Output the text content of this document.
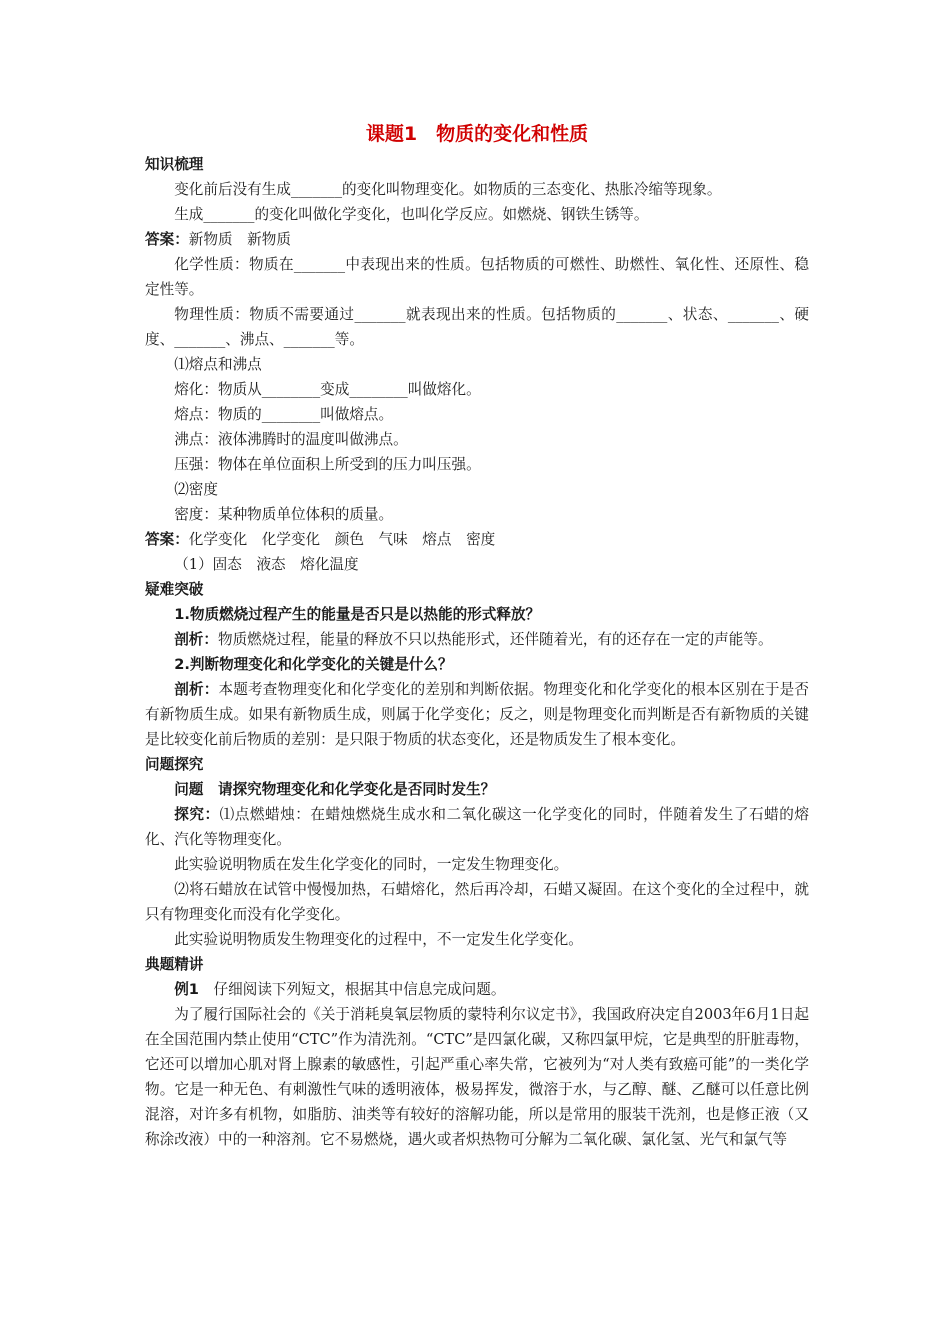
课题1　物质的变化和性质
知识梳理

变化前后没有生成_______的变化叫物理变化。如物质的三态变化、热胀冷缩等现象。

生成_______的变化叫做化学变化，也叫化学反应。如燃烧、钢铁生锈等。

答案：新物质　新物质

化学性质：物质在_______中表现出来的性质。包括物质的可燃性、助燃性、氧化性、还原性、稳定性等。

物理性质：物质不需要通过_______就表现出来的性质。包括物质的_______、状态、_______、硬度、_______、沸点、_______等。

⑴熔点和沸点

熔化：物质从________变成________叫做熔化。

熔点：物质的________叫做熔点。

沸点：液体沸腾时的温度叫做沸点。

压强：物体在单位面积上所受到的压力叫压强。

⑵密度

密度：某种物质单位体积的质量。

答案：化学变化　化学变化　颜色　气味　熔点　密度

（1）固态　液态　熔化温度

疑难突破

1.物质燃烧过程产生的能量是否只是以热能的形式释放？

剖析：物质燃烧过程，能量的释放不只以热能形式，还伴随着光，有的还存在一定的声能等。

2.判断物理变化和化学变化的关键是什么？

剖析：本题考查物理变化和化学变化的差别和判断依据。物理变化和化学变化的根本区别在于是否有新物质生成。如果有新物质生成，则属于化学变化；反之，则是物理变化而判断是否有新物质的关键是比较变化前后物质的差别：是只限于物质的状态变化，还是物质发生了根本变化。

问题探究

问题　请探究物理变化和化学变化是否同时发生？

探究：⑴点燃蜡烛：在蜡烛燃烧生成水和二氧化碳这一化学变化的同时，伴随着发生了石蜡的熔化、汽化等物理变化。

此实验说明物质在发生化学变化的同时，一定发生物理变化。

⑵将石蜡放在试管中慢慢加热，石蜡熔化，然后再冷却，石蜡又凝固。在这个变化的全过程中，就只有物理变化而没有化学变化。

此实验说明物质发生物理变化的过程中，不一定发生化学变化。

典题精讲

例1　仔细阅读下列短文，根据其中信息完成问题。

为了履行国际社会的《关于消耗臭氧层物质的蒙特利尔议定书》，我国政府决定自2003年6月1日起在全国范围内禁止使用“CTC”作为清洗剂。“CTC”是四氯化碳，又称四氯甲烷，它是典型的肝脏毒物，它还可以增加心肌对肾上腺素的敏感性，引起严重心率失常，它被列为“对人类有致癌可能”的一类化学物。它是一种无色、有刺激性气味的透明液体，极易挥发，微溶于水，与乙醇、醚、乙醚可以任意比例混溶，对许多有机物，如脂肪、油类等有较好的溶解功能，所以是常用的服装干洗剂，也是修正液（又称涂改液）中的一种溶剂。它不易燃烧，遇火或者炽热物可分解为二氧化碳、氯化氢、光气和氯气等
